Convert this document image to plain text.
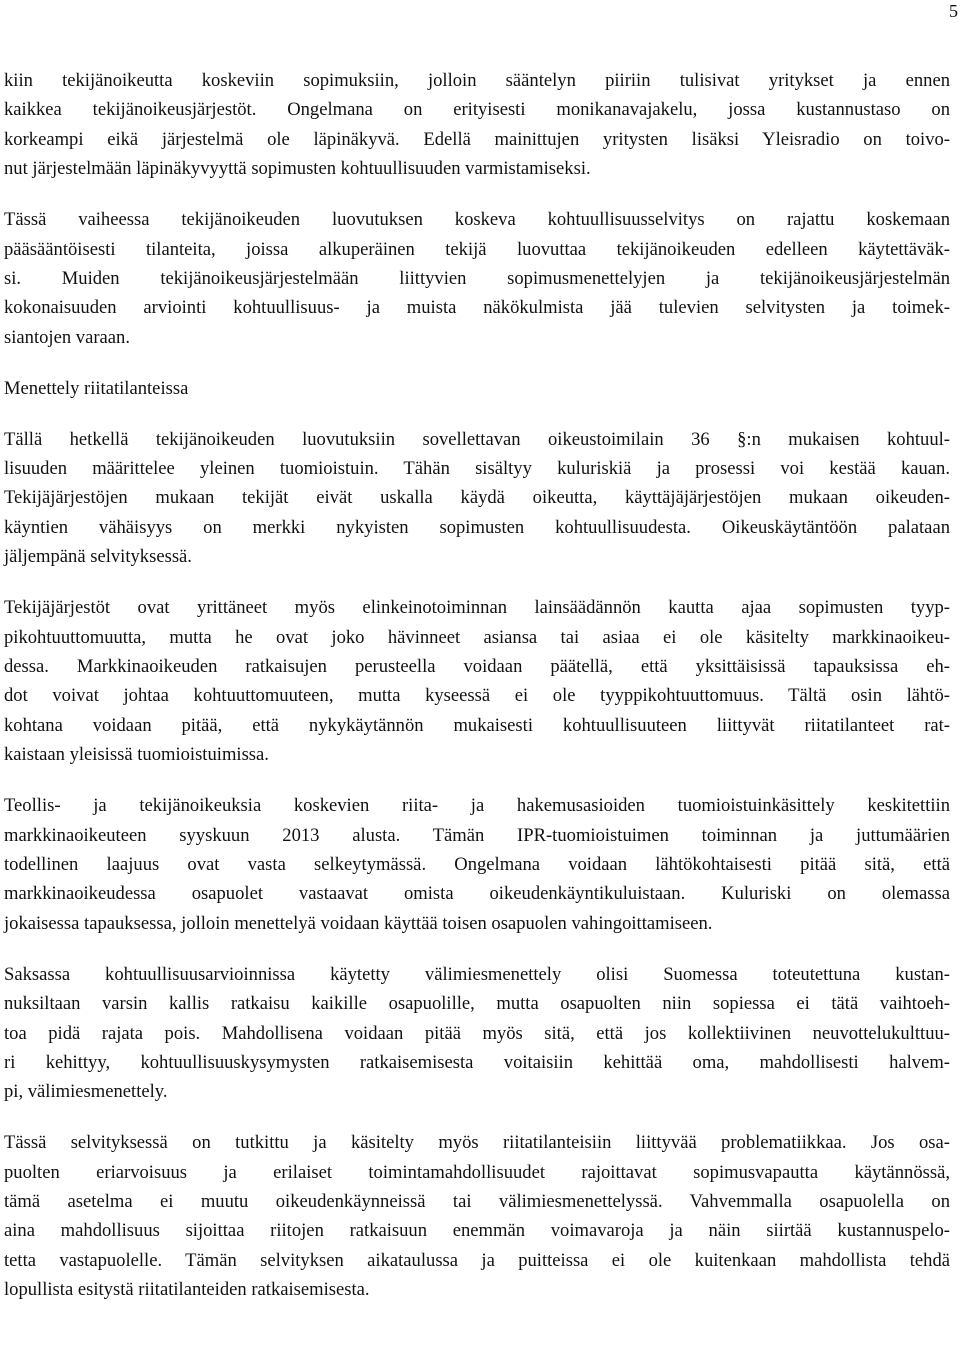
5
kiin tekijänoikeutta koskeviin sopimuksiin, jolloin sääntelyn piiriin tulisivat yritykset ja ennen
kaikkea tekijänoikeusjärjestöt. Ongelmana on erityisesti monikanavajakelu, jossa kustannustaso on
korkeampi eikä järjestelmä ole läpinäkyvä. Edellä mainittujen yritysten lisäksi Yleisradio on toivo-
nut järjestelmään läpinäkyvyyttä sopimusten kohtuullisuuden varmistamiseksi.
Tässä vaiheessa tekijänoikeuden luovutuksen koskeva kohtuullisuusselvitys on rajattu koskemaan
pääsääntöisesti tilanteita, joissa alkuperäinen tekijä luovuttaa tekijänoikeuden edelleen käytettäväk-
si. Muiden tekijänoikeusjärjestelmään liittyvien sopimusmenettelyjen ja tekijänoikeusjärjestelmän
kokonaisuuden arviointi kohtuullisuus- ja muista näkökulmista jää tulevien selvitysten ja toimek-
siantojen varaan.
Menettely riitatilanteissa
Tällä hetkellä tekijänoikeuden luovutuksiin sovellettavan oikeustoimilain 36 §:n mukaisen kohtuul-
lisuuden määrittelee yleinen tuomioistuin. Tähän sisältyy kuluriskiä ja prosessi voi kestää kauan.
Tekijäjärjestöjen mukaan tekijät eivät uskalla käydä oikeutta, käyttäjäjärjestöjen mukaan oikeuden-
käyntien vähäisyys on merkki nykyisten sopimusten kohtuullisuudesta. Oikeuskäytäntöön palataan
jäljempänä selvityksessä.
Tekijäjärjestöt ovat yrittäneet myös elinkeinotoiminnan lainsäädännön kautta ajaa sopimusten tyyp-
pikohtuuttomuutta, mutta he ovat joko hävinneet asiansa tai asiaa ei ole käsitelty markkinaoikeu-
dessa. Markkinaoikeuden ratkaisujen perusteella voidaan päätellä, että yksittäisissä tapauksissa eh-
dot voivat johtaa kohtuuttomuuteen, mutta kyseessä ei ole tyyppikohtuuttomuus. Tältä osin lähtö-
kohtana voidaan pitää, että nykykäytännön mukaisesti kohtuullisuuteen liittyvät riitatilanteet rat-
kaistaan yleisissä tuomioistuimissa.
Teollis- ja tekijänoikeuksia koskevien riita- ja hakemusasioiden tuomioistuinkäsittely keskitettiin
markkinaoikeuteen syyskuun 2013 alusta. Tämän IPR-tuomioistuimen toiminnan ja juttumäärien
todellinen laajuus ovat vasta selkeytymässä. Ongelmana voidaan lähtökohtaisesti pitää sitä, että
markkinaoikeudessa osapuolet vastaavat omista oikeudenkäyntikuluistaan. Kuluriski on olemassa
jokaisessa tapauksessa, jolloin menettelyä voidaan käyttää toisen osapuolen vahingoittamiseen.
Saksassa kohtuullisuusarvioinnissa käytetty välimiesmenettely olisi Suomessa toteutettuna kustan-
nuksiltaan varsin kallis ratkaisu kaikille osapuolille, mutta osapuolten niin sopiessa ei tätä vaihtoeh-
toa pidä rajata pois. Mahdollisena voidaan pitää myös sitä, että jos kollektiivinen neuvottelukulttuu-
ri kehittyy, kohtuullisuuskysymysten ratkaisemisesta voitaisiin kehittää oma, mahdollisesti halvem-
pi, välimiesmenettely.
Tässä selvityksessä on tutkittu ja käsitelty myös riitatilanteisiin liittyvää problematiikkaa. Jos osa-
puolten eriarvoisuus ja erilaiset toimintamahdollisuudet rajoittavat sopimusvapautta käytännössä,
tämä asetelma ei muutu oikeudenkäynneissä tai välimiesmenettelyssä. Vahvemmalla osapuolella on
aina mahdollisuus sijoittaa riitojen ratkaisuun enemmän voimavaroja ja näin siirtää kustannuspelo-
tetta vastapuolelle. Tämän selvityksen aikataulussa ja puitteissa ei ole kuitenkaan mahdollista tehdä
lopullista esitystä riitatilanteiden ratkaisemisesta.
